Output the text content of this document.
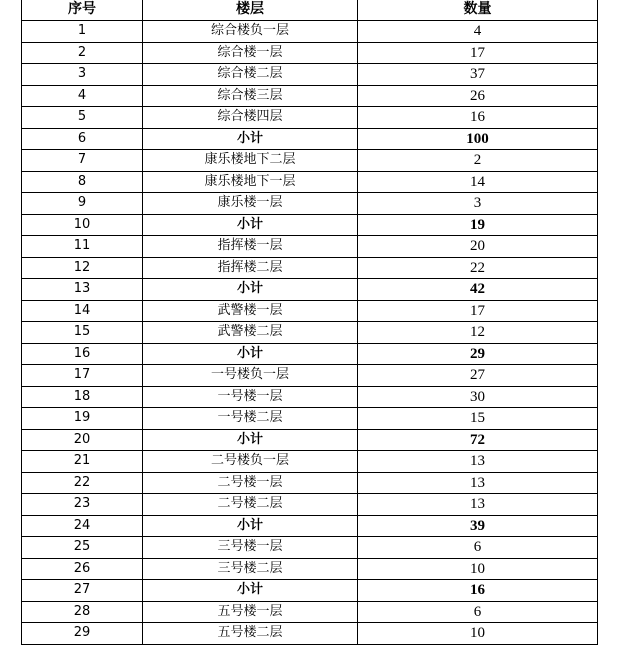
序号	楼层	数量
1	综合楼负一层	4
2	综合楼一层	17
3	综合楼二层	37
4	综合楼三层	26
5	综合楼四层	16
6	小计	100
7	康乐楼地下二层	2
8	康乐楼地下一层	14
9	康乐楼一层	3
10	小计	19
11	指挥楼一层	20
12	指挥楼二层	22
13	小计	42
14	武警楼一层	17
15	武警楼二层	12
16	小计	29
17	一号楼负一层	27
18	一号楼一层	30
19	一号楼二层	15
20	小计	72
21	二号楼负一层	13
22	二号楼一层	13
23	二号楼二层	13
24	小计	39
25	三号楼一层	6
26	三号楼二层	10
27	小计	16
28	五号楼一层	6
29	五号楼二层	10
